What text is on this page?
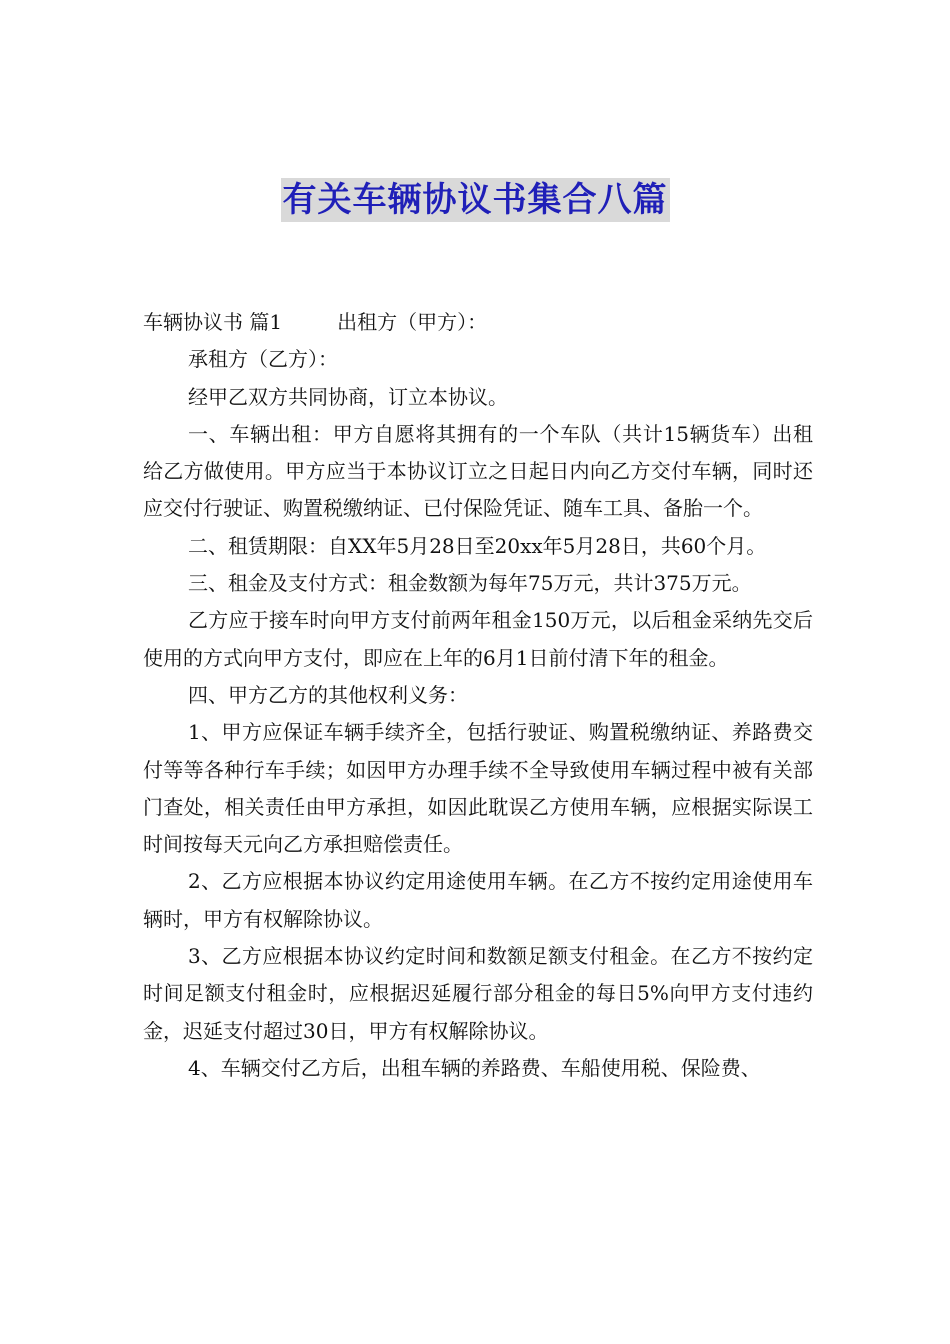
有关车辆协议书集合八篇

车辆协议书 篇1	出租方（甲方）：

承租方（乙方）：

经甲乙双方共同协商，订立本协议。

一、车辆出租：甲方自愿将其拥有的一个车队（共计15辆货车）出租给乙方做使用。甲方应当于本协议订立之日起日内向乙方交付车辆，同时还应交付行驶证、购置税缴纳证、已付保险凭证、随车工具、备胎一个。

二、租赁期限：自XX年5月28日至20xx年5月28日，共60个月。

三、租金及支付方式：租金数额为每年75万元，共计375万元。

乙方应于接车时向甲方支付前两年租金150万元，以后租金采纳先交后使用的方式向甲方支付，即应在上年的6月1日前付清下年的租金。

四、甲方乙方的其他权利义务：

1、甲方应保证车辆手续齐全，包括行驶证、购置税缴纳证、养路费交付等等各种行车手续；如因甲方办理手续不全导致使用车辆过程中被有关部门查处，相关责任由甲方承担，如因此耽误乙方使用车辆，应根据实际误工时间按每天元向乙方承担赔偿责任。

2、乙方应根据本协议约定用途使用车辆。在乙方不按约定用途使用车辆时，甲方有权解除协议。

3、乙方应根据本协议约定时间和数额足额支付租金。在乙方不按约定时间足额支付租金时，应根据迟延履行部分租金的每日5%向甲方支付违约金，迟延支付超过30日，甲方有权解除协议。

4、车辆交付乙方后，出租车辆的养路费、车船使用税、保险费、
